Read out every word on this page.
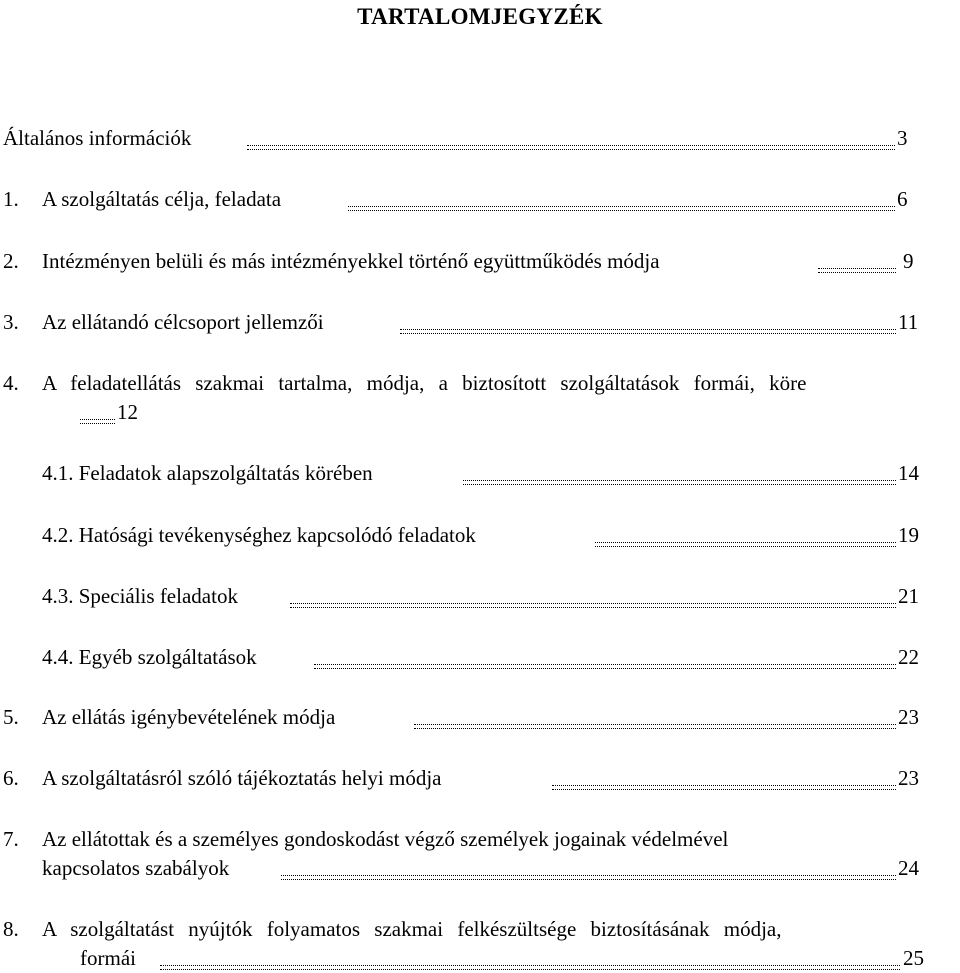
TARTALOMJEGYZÉK
Általános információk	3
1. A szolgáltatás célja, feladata	6
2. Intézményen belüli és más intézményekkel történő együttműködés módja	9
3. Az ellátandó célcsoport jellemzői	11
4. A feladatellátás szakmai tartalma, módja, a biztosított szolgáltatások formái, köre
12
4.1. Feladatok alapszolgáltatás körében	14
4.2. Hatósági tevékenységhez kapcsolódó feladatok	19
4.3. Speciális feladatok	21
4.4. Egyéb szolgáltatások	22
5. Az ellátás igénybevételének módja	23
6. A szolgáltatásról szóló tájékoztatás helyi módja	23
7. Az ellátottak és a személyes gondoskodást végző személyek jogainak védelmével
kapcsolatos szabályok	24
8. A szolgáltatást nyújtók folyamatos szakmai felkészültsége biztosításának módja,
formái	25
